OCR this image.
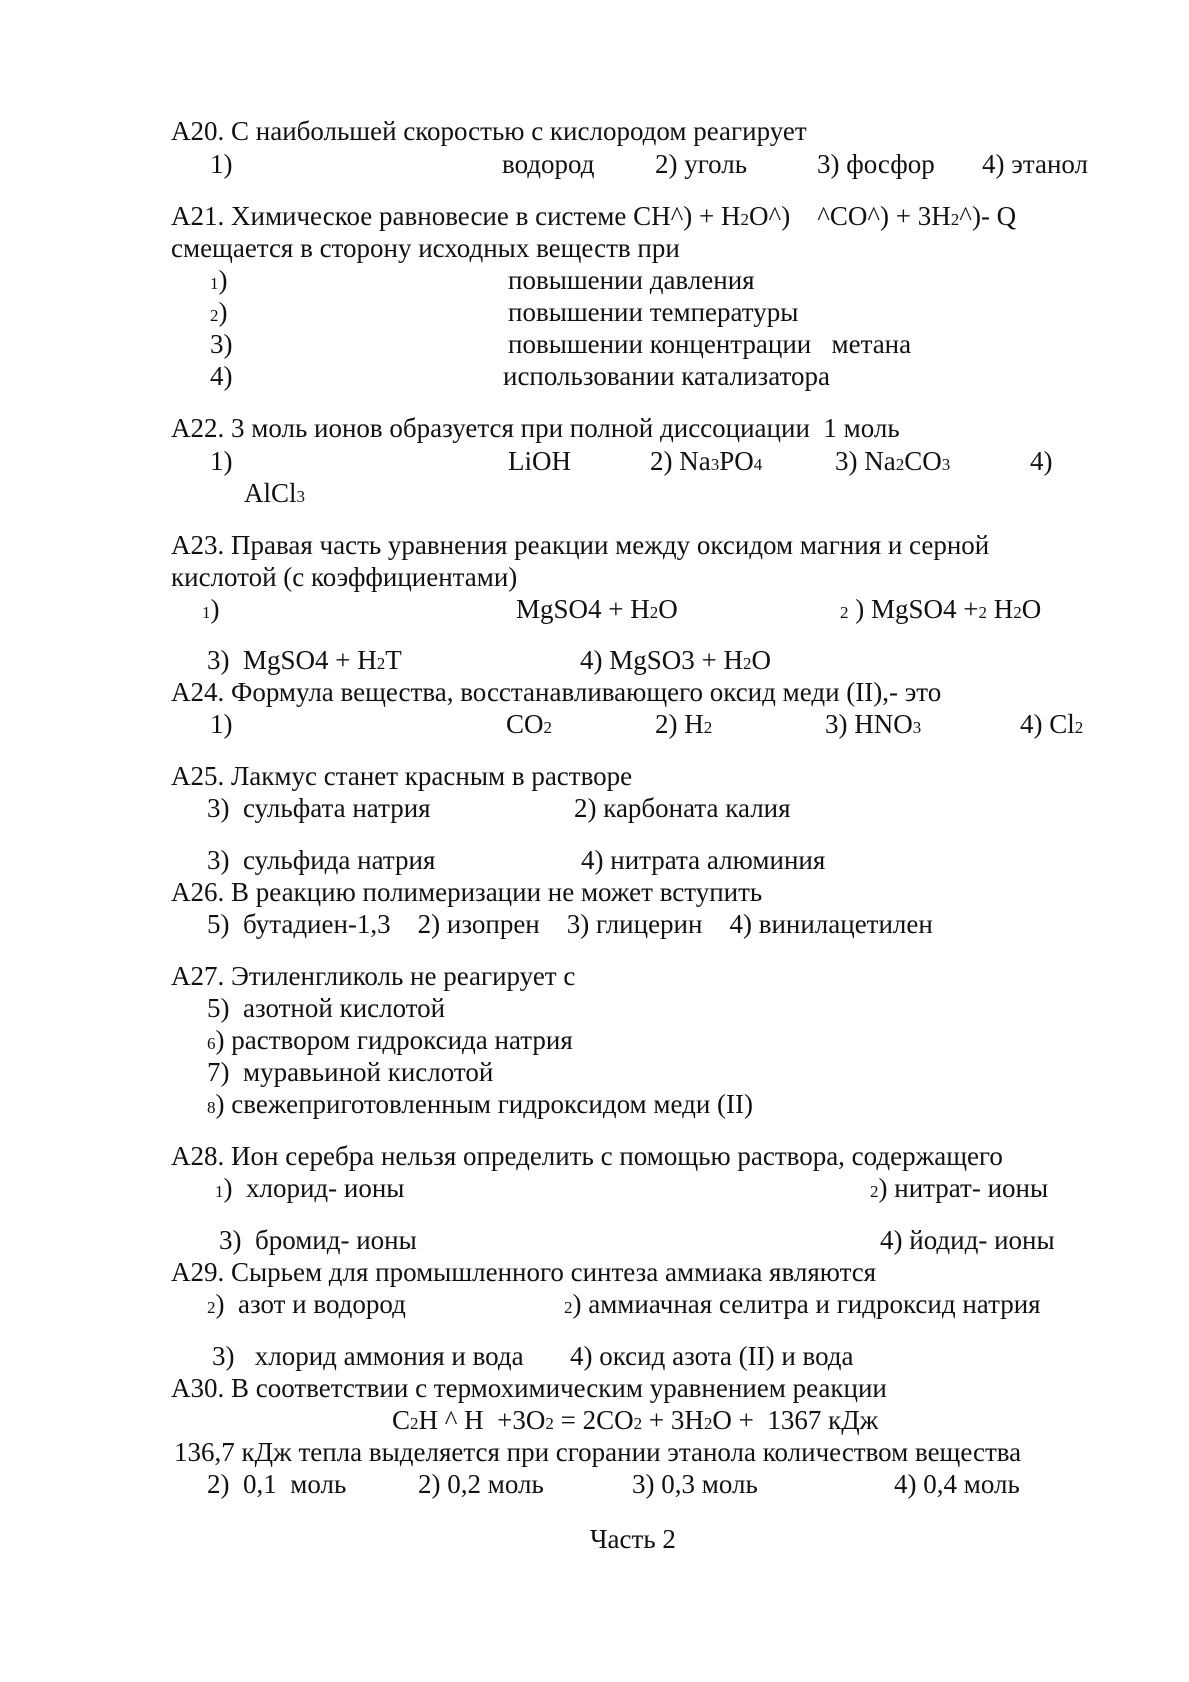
А20. С наибольшей скоростью с кислородом реагирует
1)	водород 2) уголь	3) фосфор 4) этанол
А21. Химическое равновесие в системе СН^) + Н2О^) ^СО^) + 3Н2^)- Q
смещается в сторону исходных веществ при
1)	повышении давления
2)	повышении температуры
3)	повышении концентрации   метана
4)	использовании катализатора
А22. 3 моль ионов образуется при полной диссоциации  1 моль
1)	LiOH	2) Na3PO4	3) Na2CO3	4)
AlCl3
А23. Правая часть уравнения реакции между оксидом магния и серной
кислотой (с коэффициентами)
1)	MgSO4 + H2O	2 ) MgSO4 +2 H2O
3)  MgSO4 + H2T	4) MgSO3 + H2O
А24. Формула вещества, восстанавливающего оксид меди (II),- это
1)	CO2	2) H2	3) HNO3	4) Cl2
А25. Лакмус станет красным в растворе
3)  сульфата натрия	2) карбоната калия
3)  сульфида натрия	4) нитрата алюминия
А26. В реакцию полимеризации не может вступить
5)  бутадиен-1,3    2) изопрен    3) глицерин    4) винилацетилен
А27. Этиленгликоль не реагирует с
5)  азотной кислотой
6) раствором гидроксида натрия
7)  муравьиной кислотой
8) свежеприготовленным гидроксидом меди (II)
А28. Ион серебра нельзя определить с помощью раствора, содержащего
1)  хлорид- ионы	2) нитрат- ионы
3)  бромид- ионы	4) йодид- ионы
А29. Сырьем для промышленного синтеза аммиака являются
2)  азот и водород	2) аммиачная селитра и гидроксид натрия
3)   хлорид аммония и вода 4) оксид азота (II) и вода
А30. В соответствии с термохимическим уравнением реакции
C2H ^ H  +3O2 = 2CO2 + 3H2O +  1367 кДж
136,7 кДж тепла выделяется при сгорании этанола количеством вещества
2)  0,1  моль	2) 0,2 моль	3) 0,3 моль	4) 0,4 моль
Часть 2
